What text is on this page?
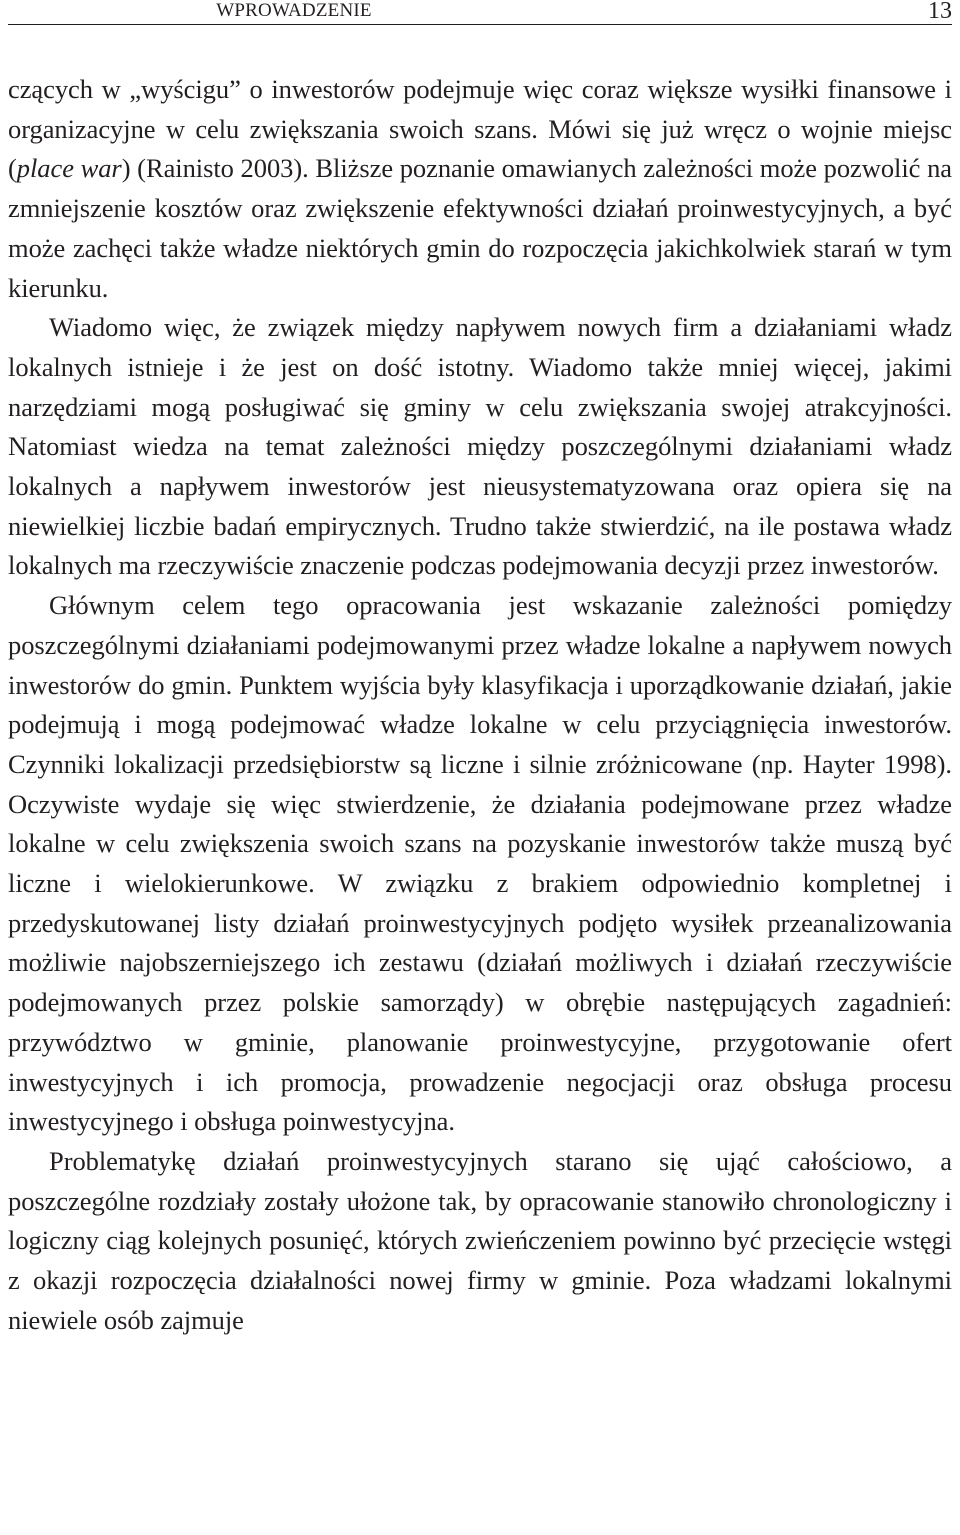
WPROWADZENIE	13

czących w „wyścigu” o inwestorów podejmuje więc coraz większe wysiłki finansowe i organizacyjne w celu zwiększania swoich szans. Mówi się już wręcz o wojnie miejsc (place war) (Rainisto 2003). Bliższe poznanie omawianych zależności może pozwolić na zmniejszenie kosztów oraz zwiększenie efektywności działań proinwestycyjnych, a być może zachęci także władze niektórych gmin do rozpoczęcia jakichkolwiek starań w tym kierunku.

Wiadomo więc, że związek między napływem nowych firm a działaniami władz lokalnych istnieje i że jest on dość istotny. Wiadomo także mniej więcej, jakimi narzędziami mogą posługiwać się gminy w celu zwiększania swojej atrakcyjności. Natomiast wiedza na temat zależności między poszczególnymi działaniami władz lokalnych a napływem inwestorów jest nieusystematyzowana oraz opiera się na niewielkiej liczbie badań empirycznych. Trudno także stwierdzić, na ile postawa władz lokalnych ma rzeczywiście znaczenie podczas podejmowania decyzji przez inwestorów.

Głównym celem tego opracowania jest wskazanie zależności pomiędzy poszczególnymi działaniami podejmowanymi przez władze lokalne a napływem nowych inwestorów do gmin. Punktem wyjścia były klasyfikacja i uporządkowanie działań, jakie podejmują i mogą podejmować władze lokalne w celu przyciągnięcia inwestorów. Czynniki lokalizacji przedsiębiorstw są liczne i silnie zróżnicowane (np. Hayter 1998). Oczywiste wydaje się więc stwierdzenie, że działania podejmowane przez władze lokalne w celu zwiększenia swoich szans na pozyskanie inwestorów także muszą być liczne i wielokierunkowe. W związku z brakiem odpowiednio kompletnej i przedyskutowanej listy działań proinwestycyjnych podjęto wysiłek przeanalizowania możliwie najobszerniejszego ich zestawu (działań możliwych i działań rzeczywiście podejmowanych przez polskie samorządy) w obrębie następujących zagadnień: przywództwo w gminie, planowanie proinwestycyjne, przygotowanie ofert inwestycyjnych i ich promocja, prowadzenie negocjacji oraz obsługa procesu inwestycyjnego i obsługa poinwestycyjna.

Problematykę działań proinwestycyjnych starano się ująć całościowo, a poszczególne rozdziały zostały ułożone tak, by opracowanie stanowiło chronologiczny i logiczny ciąg kolejnych posunięć, których zwieńczeniem powinno być przecięcie wstęgi z okazji rozpoczęcia działalności nowej firmy w gminie. Poza władzami lokalnymi niewiele osób zajmuje
